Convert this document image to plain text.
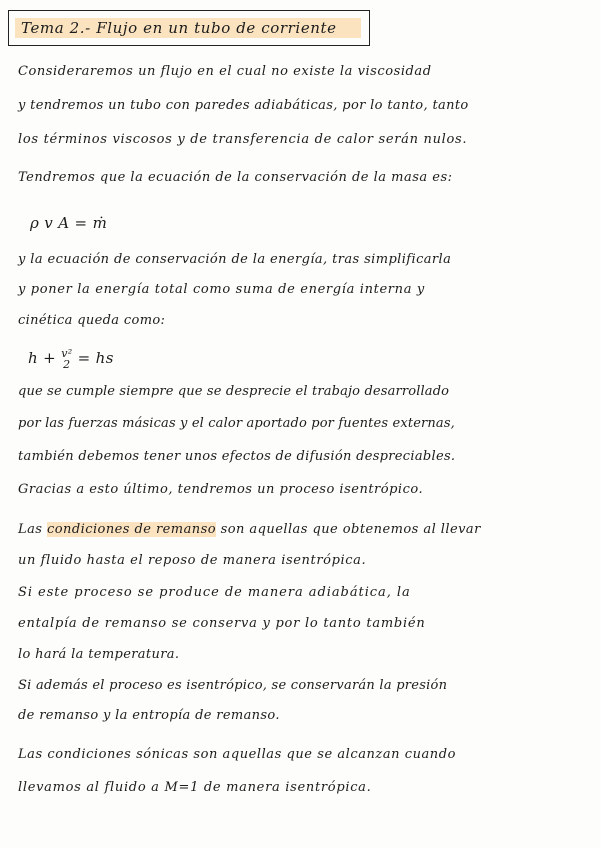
Tema 2.- Flujo en un tubo de corriente
Consideraremos un flujo en el cual no existe la viscosidad
y tendremos un tubo con paredes adiabáticas, por lo tanto, tanto
los términos viscosos y de transferencia de calor serán nulos.
Tendremos que la ecuación de la conservación de la masa es:
ρ v A = ṁ
y la ecuación de conservación de la energía, tras simplificarla
y poner la energía total como suma de energía interna y
cinética queda como:
h + v²
2 = hs
que se cumple siempre que se desprecie el trabajo desarrollado
por las fuerzas másicas y el calor aportado por fuentes externas,
también debemos tener unos efectos de difusión despreciables.
Gracias a esto último, tendremos un proceso isentrópico.
Las condiciones de remanso son aquellas que obtenemos al llevar
un fluido hasta el reposo de manera isentrópica.
Si este proceso se produce de manera adiabática, la
entalpía de remanso se conserva y por lo tanto también
lo hará la temperatura.
Si además el proceso es isentrópico, se conservarán la presión
de remanso y la entropía de remanso.
Las condiciones sónicas son aquellas que se alcanzan cuando
llevamos al fluido a M=1 de manera isentrópica.
